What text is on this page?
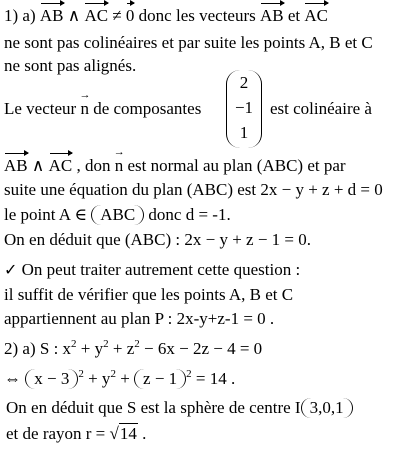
1) a) AB ∧ AC ≠ 0 donc les vecteurs AB et AC
ne sont pas colinéaires et par suite les points A, B et C
ne sont pas alignés.
Le vecteur → n de composantes	est colinéaire à
2
−1
1
AB ∧ AC , don → n est normal au plan (ABC) et par
suite une équation du plan (ABC) est 2x − y + z + d = 0
le point A ∈ ABC donc d = -1.
On en déduit que (ABC) : 2x − y + z − 1 = 0.
✓ On peut traiter autrement cette question :
il suffit de vérifier que les points A, B et C
appartiennent au plan P : 2x-y+z-1 = 0 .
2) a) S : $x^2 + y^2 + z^2 - 6x - 2z - 4 = 0$
⇔ x − 3 $^2 + y^2 + z - 1$ $^2$ = 14 .
On en déduit que S est la sphère de centre I 3,0,1
et de rayon r = √14 .
